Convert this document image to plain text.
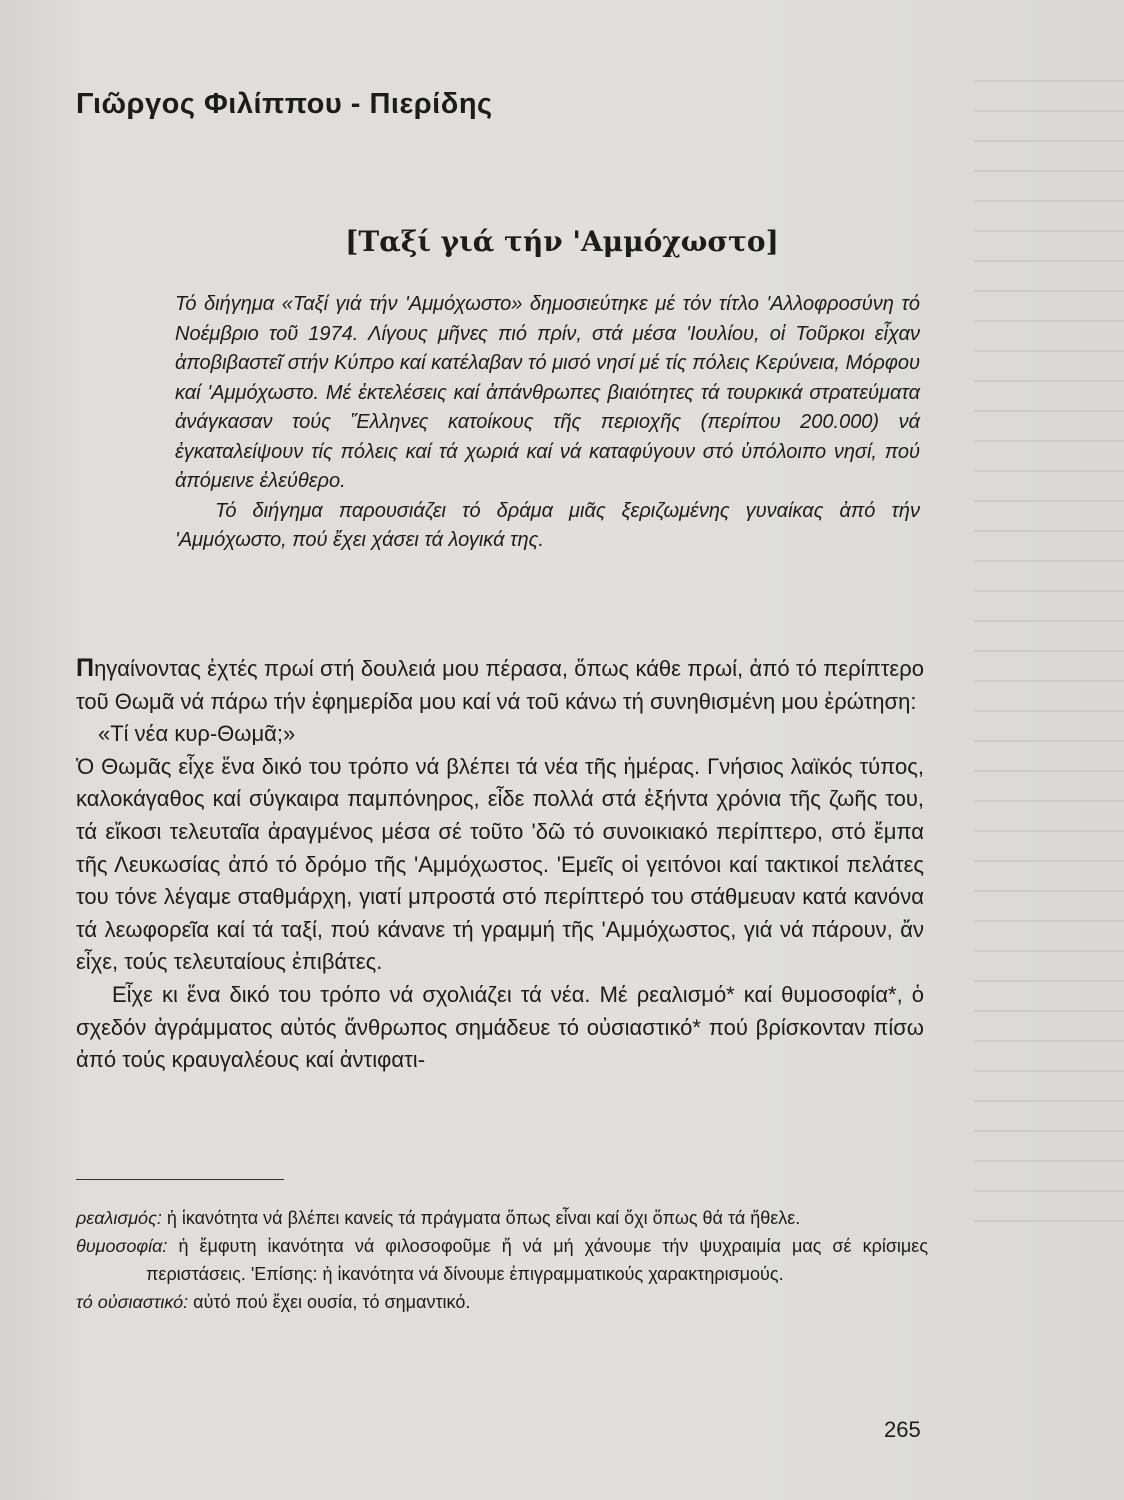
Γιῶργος Φιλίππου - Πιερίδης
[Ταξί γιά τήν 'Αμμόχωστο]

Τό διήγημα «Ταξί γιά τήν 'Αμμόχωστο» δημοσιεύτηκε μέ τόν τίτλο 'Αλλοφροσύνη τό Νοέμβριο τοῦ 1974. Λίγους μῆνες πιό πρίν, στά μέσα 'Ιουλίου, οἱ Τοῦρκοι εἶχαν ἀποβιβαστεῖ στήν Κύπρο καί κατέλαβαν τό μισό νησί μέ τίς πόλεις Κερύνεια, Μόρφου καί 'Αμμόχωστο. Μέ ἐκτελέσεις καί ἀπάνθρωπες βιαιότητες τά τουρκικά στρατεύματα ἀνάγκασαν τούς Ἕλληνες κατοίκους τῆς περιοχῆς (περίπου 200.000) νά ἐγκαταλείψουν τίς πόλεις καί τά χωριά καί νά καταφύγουν στό ὑπόλοιπο νησί, πού ἀπόμεινε ἐλεύθερο.

Τό διήγημα παρουσιάζει τό δράμα μιᾶς ξεριζωμένης γυναίκας ἀπό τήν 'Αμμόχωστο, πού ἔχει χάσει τά λογικά της.

Πηγαίνοντας ἐχτές πρωί στή δουλειά μου πέρασα, ὅπως κάθε πρωί, ἀπό τό περίπτερο τοῦ Θωμᾶ νά πάρω τήν ἐφημερίδα μου καί νά τοῦ κάνω τή συνηθισμένη μου ἐρώτηση:

«Τί νέα κυρ-Θωμᾶ;»

Ὁ Θωμᾶς εἶχε ἕνα δικό του τρόπο νά βλέπει τά νέα τῆς ἡμέρας. Γνήσιος λαϊκός τύπος, καλοκάγαθος καί σύγκαιρα παμπόνηρος, εἶδε πολλά στά ἑξήντα χρόνια τῆς ζωῆς του, τά εἴκοσι τελευταῖα ἀραγμένος μέσα σέ τοῦτο 'δῶ τό συνοικιακό περίπτερο, στό ἔμπα τῆς Λευκωσίας ἀπό τό δρόμο τῆς 'Αμμόχωστος. 'Εμεῖς οἱ γειτόνοι καί τακτικοί πελάτες του τόνε λέγαμε σταθμάρχη, γιατί μπροστά στό περίπτερό του στάθμευαν κατά κανόνα τά λεωφορεῖα καί τά ταξί, πού κάνανε τή γραμμή τῆς 'Αμμόχωστος, γιά νά πάρουν, ἄν εἶχε, τούς τελευταίους ἐπιβάτες.

Εἶχε κι ἕνα δικό του τρόπο νά σχολιάζει τά νέα. Μέ ρεαλισμό* καί θυμοσοφία*, ὁ σχεδόν ἀγράμματος αὐτός ἄνθρωπος σημάδευε τό οὐσιαστικό* πού βρίσκονταν πίσω ἀπό τούς κραυγαλέους καί ἀντιφατι-

ρεαλισμός: ἡ ἱκανότητα νά βλέπει κανείς τά πράγματα ὅπως εἶναι καί ὄχι ὅπως θά τά ἤθελε.

θυμοσοφία: ἡ ἔμφυτη ἱκανότητα νά φιλοσοφοῦμε ἤ νά μή χάνουμε τήν ψυχραιμία μας σέ κρίσιμες περιστάσεις. 'Επίσης: ἡ ἱκανότητα νά δίνουμε ἐπιγραμματικούς χαρακτηρισμούς.

τό οὐσιαστικό: αὐτό πού ἔχει ουσία, τό σημαντικό.

265
